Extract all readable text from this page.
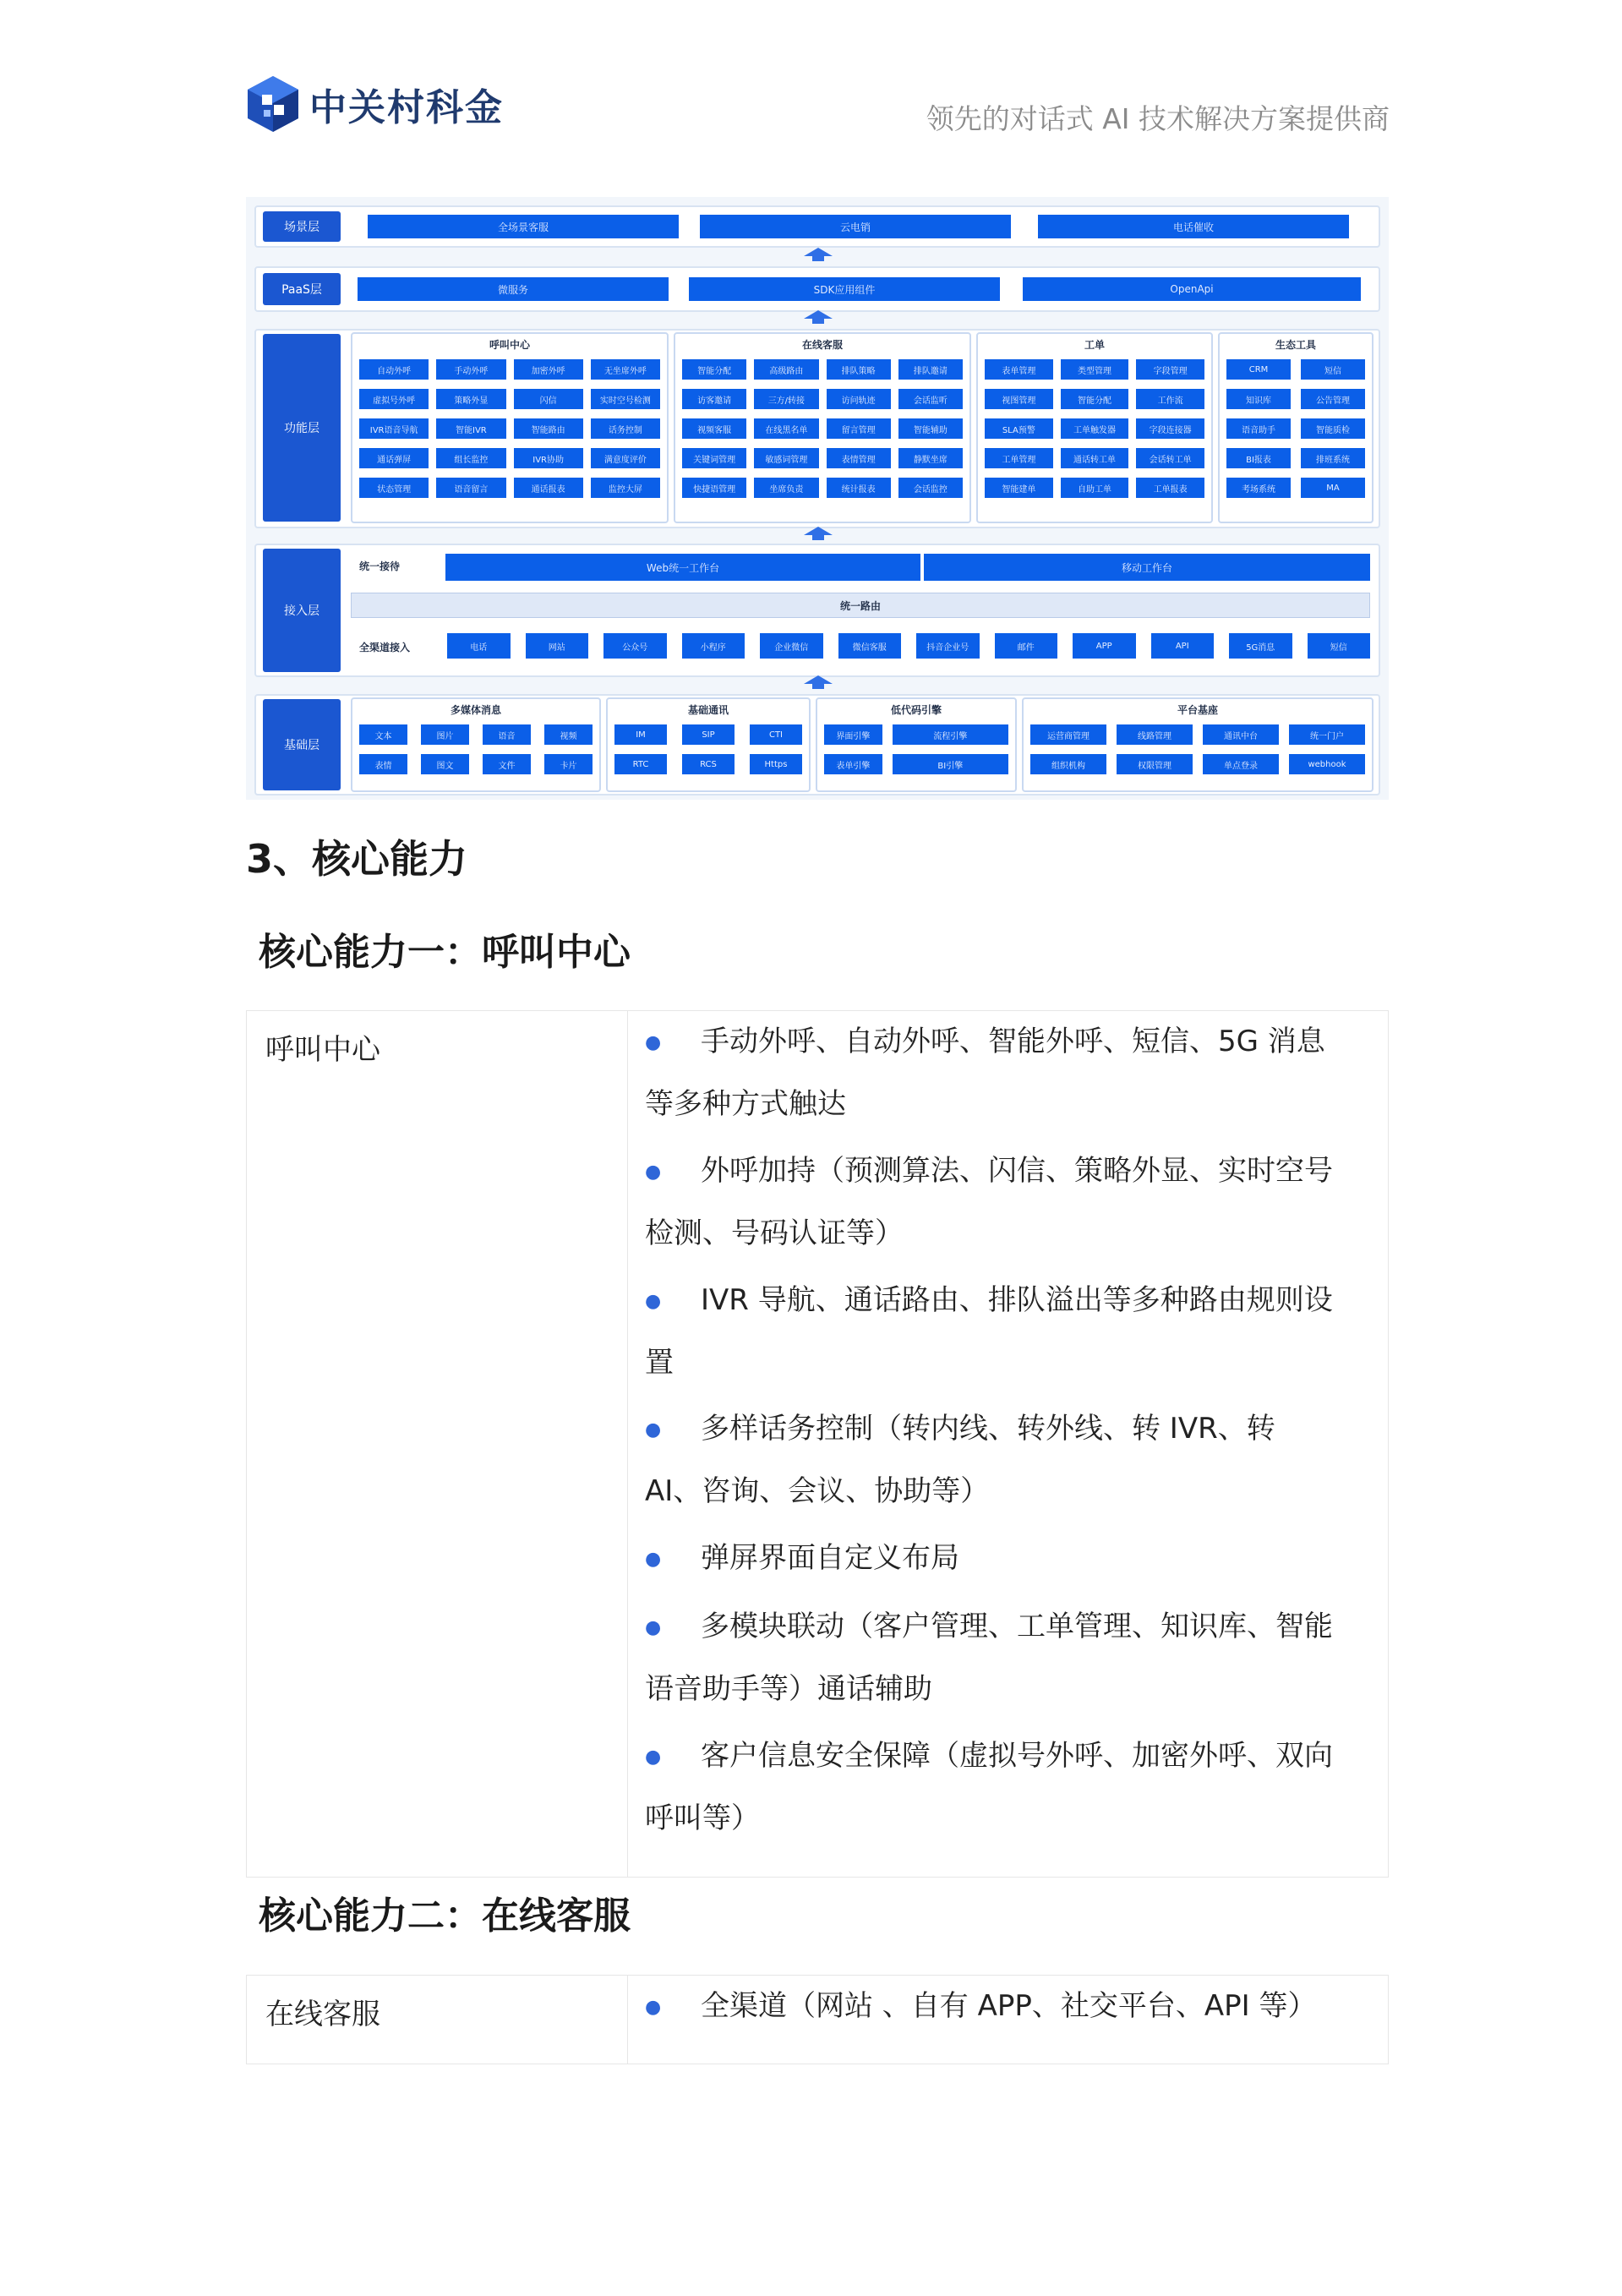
中关村科金	领先的对话式 AI 技术解决方案提供商
场景层	全场景客服	云电销	电话催收
PaaS层	微服务	SDK应用组件	OpenApi
功能层
呼叫中心
自动外呼	手动外呼	加密外呼	无坐席外呼
虚拟号外呼	策略外显	闪信	实时空号检测
IVR语音导航	智能IVR	智能路由	话务控制
通话弹屏	组长监控	IVR协助	满意度评价
状态管理	语音留言	通话报表	监控大屏
在线客服
智能分配	高级路由	排队策略	排队邀请
访客邀请	三方/转接	访问轨迹	会话监听
视频客服	在线黑名单	留言管理	智能辅助
关键词管理	敏感词管理	表情管理	静默坐席
快捷语管理	坐席负责	统计报表	会话监控
工单
表单管理	类型管理	字段管理
视图管理	智能分配	工作流
SLA预警	工单触发器	字段连接器
工单管理	通话转工单	会话转工单
智能建单	自助工单	工单报表
生态工具
CRM	短信
知识库	公告管理
语音助手	智能质检
BI报表	排班系统
考场系统	MA
接入层
统一接待	Web统一工作台	移动工作台
统一路由
全渠道接入	电话	网站	公众号	小程序	企业微信	微信客服	抖音企业号	邮件	APP	API	5G消息	短信
基础层
多媒体消息
文本	图片	语音	视频
表情	图文	文件	卡片
基础通讯
IM	SIP	CTI
RTC	RCS	Https
低代码引擎
界面引擎	流程引擎
表单引擎	BI引擎
平台基座
运营商管理	线路管理	通讯中台	统一门户
组织机构	权限管理	单点登录	webhook
3、核心能力
核心能力一：呼叫中心
呼叫中心	● 手动外呼、自动外呼、智能外呼、短信、5G 消息
等多种方式触达
● 外呼加持（预测算法、闪信、策略外显、实时空号
检测、号码认证等）
● IVR 导航、通话路由、排队溢出等多种路由规则设
置
● 多样话务控制（转内线、转外线、转 IVR、转
AI、咨询、会议、协助等）
● 弹屏界面自定义布局
● 多模块联动（客户管理、工单管理、知识库、智能
语音助手等）通话辅助
● 客户信息安全保障（虚拟号外呼、加密外呼、双向
呼叫等）
核心能力二：在线客服
在线客服	● 全渠道（网站 、自有 APP、社交平台、API 等）
